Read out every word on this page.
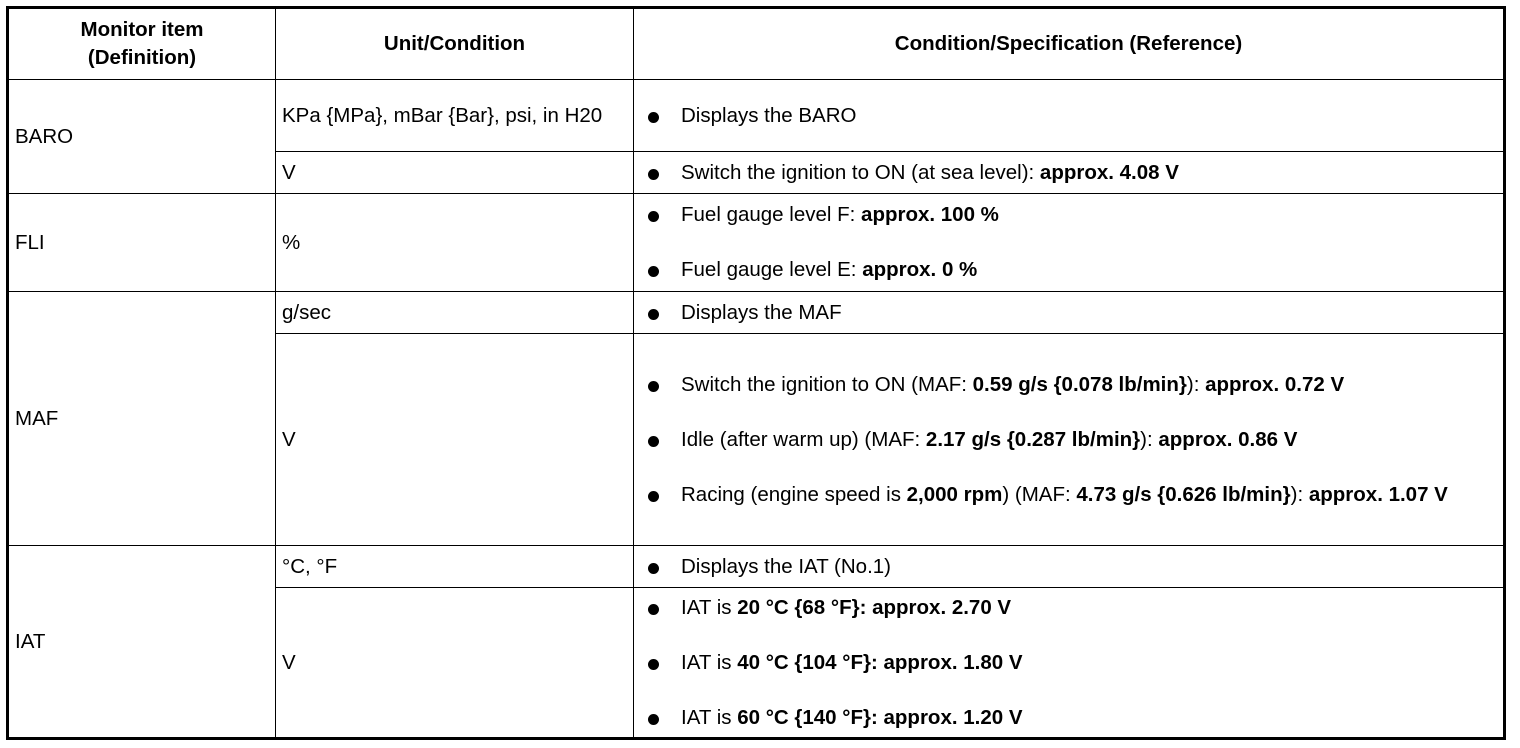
Monitor item
(Definition)	Unit/Condition	Condition/Specification (Reference)
BARO	KPa {MPa}, mBar {Bar}, psi, in H20	Displays the BARO

	V	Switch the ignition to ON (at sea level): approx. 4.08 V

FLI	%	Fuel gauge level F: approx. 100 %
Fuel gauge level E: approx. 0 %

MAF	g/sec	Displays the MAF

	V	Switch the ignition to ON (MAF: 0.59 g/s {0.078 lb/min}): approx. 0.72 V
Idle (after warm up) (MAF: 2.17 g/s {0.287 lb/min}): approx. 0.86 V
Racing (engine speed is 2,000 rpm) (MAF: 4.73 g/s {0.626 lb/min}): approx. 1.07 V

IAT	°C, °F	Displays the IAT (No.1)

	V	IAT is 20 °C {68 °F}: approx. 2.70 V
IAT is 40 °C {104 °F}: approx. 1.80 V
IAT is 60 °C {140 °F}: approx. 1.20 V
